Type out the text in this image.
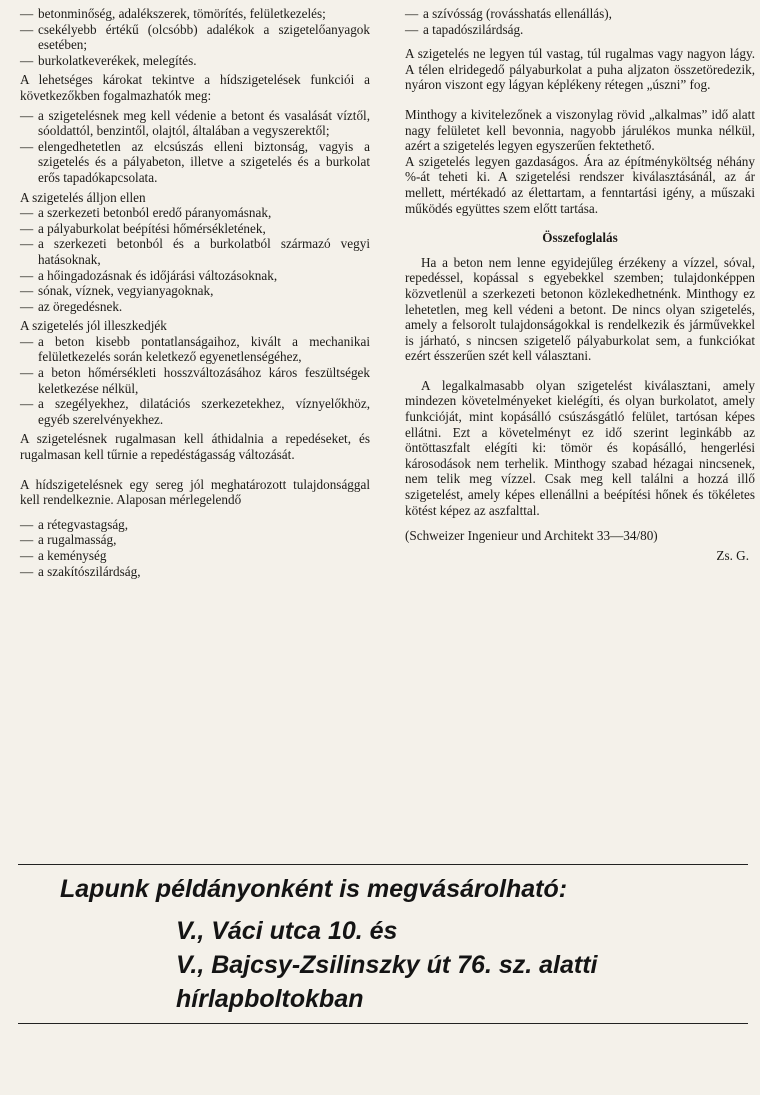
— betonminőség, adalékszerek, tömörítés, felületkezelés;

— csekélyebb értékű (olcsóbb) adalékok a szigetelőanyagok esetében;

— burkolatkeverékek, melegítés.

A lehetséges károkat tekintve a hídszigetelések funkciói a következőkben fogalmazhatók meg:

— a szigetelésnek meg kell védenie a betont és vasalását víztől, sóoldattól, benzintől, olajtól, általában a vegyszerektől;

— elengedhetetlen az elcsúszás elleni biztonság, vagyis a szigetelés és a pályabeton, illetve a szigetelés és a burkolat erős tapadókapcsolata.

A szigetelés álljon ellen

— a szerkezeti betonból eredő páranyomásnak,

— a pályaburkolat beépítési hőmérsékletének,

— a szerkezeti betonból és a burkolatból származó vegyi hatásoknak,

— a hőingadozásnak és időjárási változásoknak,

— sónak, víznek, vegyianyagoknak,

— az öregedésnek.

A szigetelés jól illeszkedjék

— a beton kisebb pontatlanságaihoz, kivált a mechanikai felületkezelés során keletkező egyenetlenségéhez,

— a beton hőmérsékleti hosszváltozásához káros feszültségek keletkezése nélkül,

— a szegélyekhez, dilatációs szerkezetekhez, víznyelőkhöz, egyéb szerelvényekhez.

A szigetelésnek rugalmasan kell áthidalnia a repedéseket, és rugalmasan kell tűrnie a repedéstágasság változását.

A hídszigetelésnek egy sereg jól meghatározott tulajdonsággal kell rendelkeznie. Alaposan mérlegelendő

— a rétegvastagság,

— a rugalmasság,

— a keménység

— a szakítószilárdság,

— a szívósság (rovásshatás ellenállás),

— a tapadószilárdság.

A szigetelés ne legyen túl vastag, túl rugalmas vagy nagyon lágy. A télen elridegedő pályaburkolat a puha aljzaton összetöredezik, nyáron viszont egy lágyan képlékeny rétegen „úszni” fog.

Minthogy a kivitelezőnek a viszonylag rövid „alkalmas” idő alatt nagy felületet kell bevonnia, nagyobb járulékos munka nélkül, azért a szigetelés legyen egyszerűen fektethető.

A szigetelés legyen gazdaságos. Ára az építményköltség néhány %-át teheti ki. A szigetelési rendszer kiválasztásánál, az ár mellett, mértékadó az élettartam, a fenntartási igény, a műszaki működés együttes szem előtt tartása.

Összefoglalás

Ha a beton nem lenne egyidejűleg érzékeny a vízzel, sóval, repedéssel, kopással s egyebekkel szemben; tulajdonképpen közvetlenül a szerkezeti betonon közlekedhetnénk. Minthogy ez lehetetlen, meg kell védeni a betont. De nincs olyan szigetelés, amely a felsorolt tulajdonságokkal is rendelkezik és járművekkel is járható, s nincsen szigetelő pályaburkolat sem, a funkciókat ezért ésszerűen szét kell választani.

A legalkalmasabb olyan szigetelést kiválasztani, amely mindezen követelményeket kielégíti, és olyan burkolatot, amely funkcióját, mint kopásálló csúszásgátló felület, tartósan képes ellátni. Ezt a követelményt ez idő szerint leginkább az öntöttaszfalt elégíti ki: tömör és kopásálló, hengerlési károsodások nem terhelik. Minthogy szabad hézagai nincsenek, nem telik meg vízzel. Csak meg kell találni a hozzá illő szigetelést, amely képes ellenállni a beépítési hőnek és tökéletes kötést képez az aszfalttal.

(Schweizer Ingenieur und Architekt 33—34/80)

Zs. G.

Lapunk példányonként is megvásárolható:
V., Váci utca 10. és
V., Bajcsy-Zsilinszky út 76. sz. alatti
hírlapboltokban
